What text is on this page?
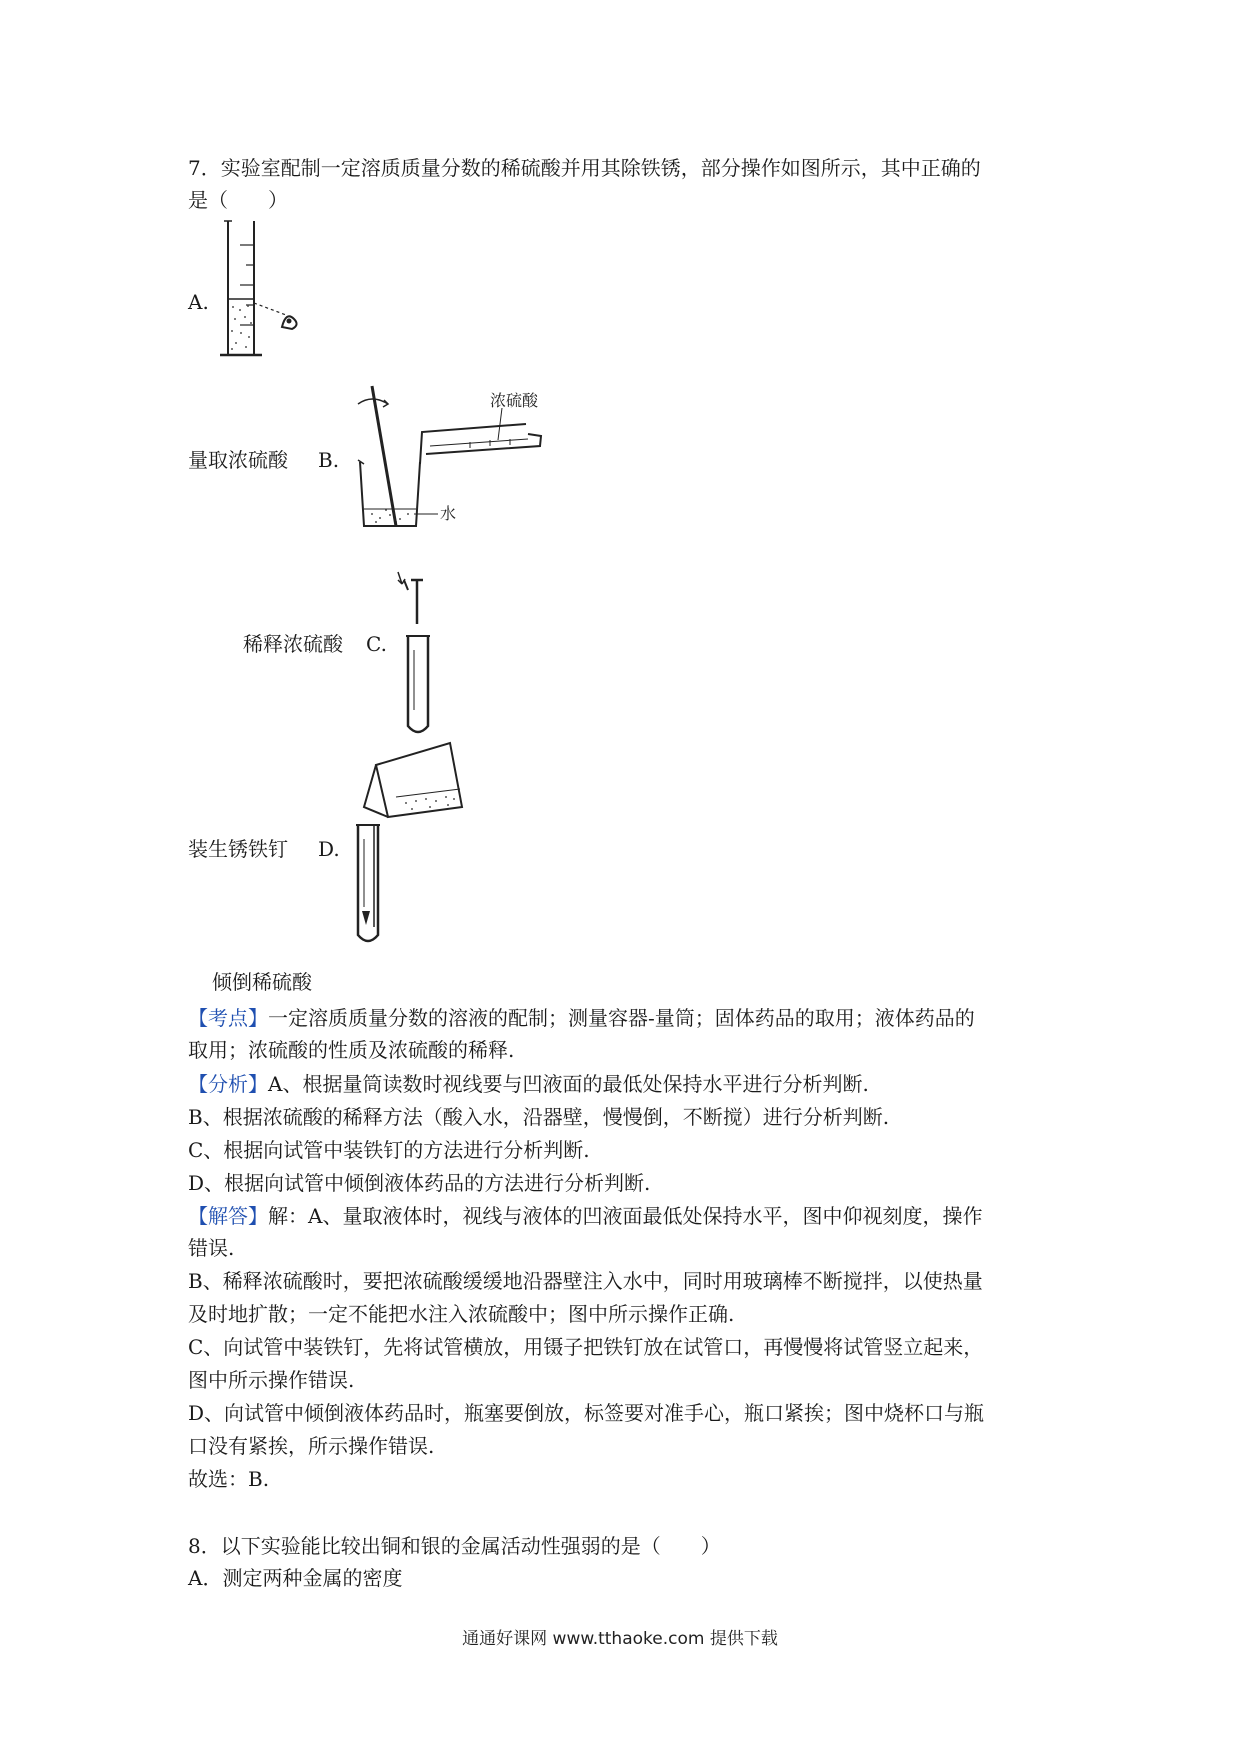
7．实验室配制一定溶质质量分数的稀硫酸并用其除铁锈，部分操作如图所示，其中正确的
是（　　）
A.
量取浓硫酸 B.
浓硫酸
水
稀释浓硫酸 C.
装生锈铁钉 D.
倾倒稀硫酸
【考点】一定溶质质量分数的溶液的配制；测量容器-量筒；固体药品的取用；液体药品的
取用；浓硫酸的性质及浓硫酸的稀释.
【分析】A、根据量筒读数时视线要与凹液面的最低处保持水平进行分析判断.
B、根据浓硫酸的稀释方法（酸入水，沿器壁，慢慢倒，不断搅）进行分析判断.
C、根据向试管中装铁钉的方法进行分析判断.
D、根据向试管中倾倒液体药品的方法进行分析判断.
【解答】解：A、量取液体时，视线与液体的凹液面最低处保持水平，图中仰视刻度，操作
错误.
B、稀释浓硫酸时，要把浓硫酸缓缓地沿器壁注入水中，同时用玻璃棒不断搅拌，以使热量
及时地扩散；一定不能把水注入浓硫酸中；图中所示操作正确.
C、向试管中装铁钉，先将试管横放，用镊子把铁钉放在试管口，再慢慢将试管竖立起来，
图中所示操作错误.
D、向试管中倾倒液体药品时，瓶塞要倒放，标签要对准手心，瓶口紧挨；图中烧杯口与瓶
口没有紧挨，所示操作错误.
故选：B.
8．以下实验能比较出铜和银的金属活动性强弱的是（　　）
A．测定两种金属的密度
通通好课网 www.tthaoke.com 提供下载
